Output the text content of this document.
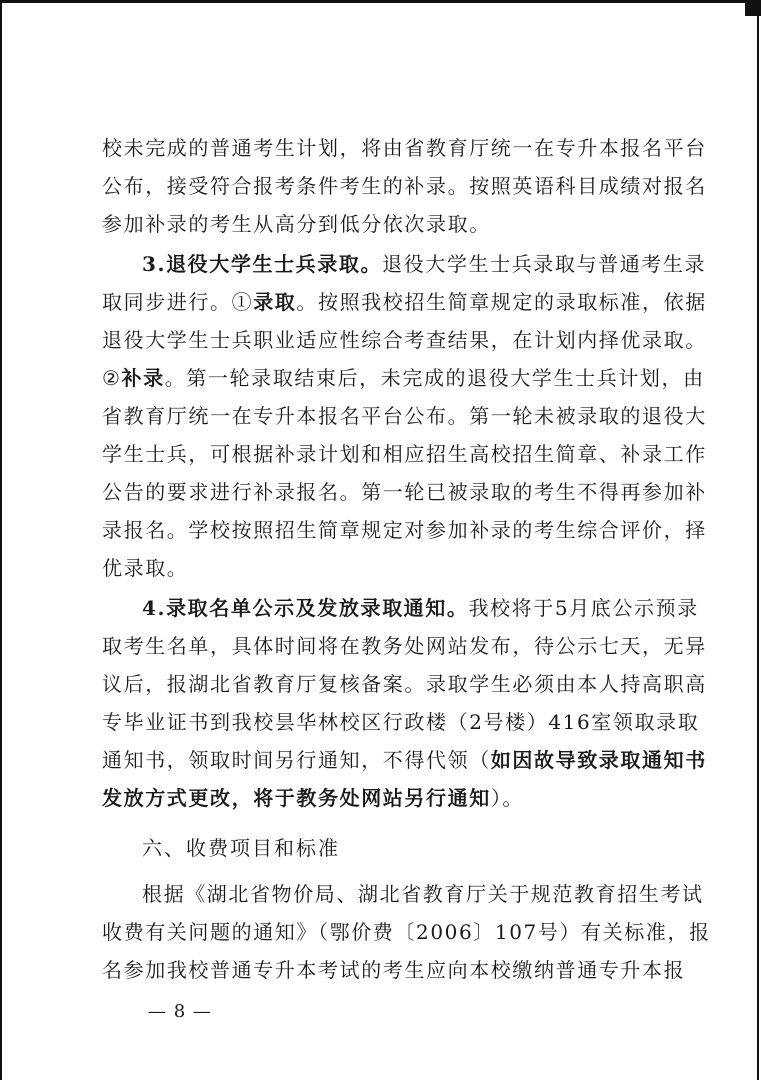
校未完成的普通考生计划，将由省教育厅统一在专升本报名平台
公布，接受符合报考条件考生的补录。按照英语科目成绩对报名
参加补录的考生从高分到低分依次录取。
3.退役大学生士兵录取。退役大学生士兵录取与普通考生录
取同步进行。①录取。按照我校招生简章规定的录取标准，依据
退役大学生士兵职业适应性综合考查结果，在计划内择优录取。
②补录。第一轮录取结束后，未完成的退役大学生士兵计划，由
省教育厅统一在专升本报名平台公布。第一轮未被录取的退役大
学生士兵，可根据补录计划和相应招生高校招生简章、补录工作
公告的要求进行补录报名。第一轮已被录取的考生不得再参加补
录报名。学校按照招生简章规定对参加补录的考生综合评价，择
优录取。
4.录取名单公示及发放录取通知。我校将于5月底公示预录
取考生名单，具体时间将在教务处网站发布，待公示七天，无异
议后，报湖北省教育厅复核备案。录取学生必须由本人持高职高
专毕业证书到我校昙华林校区行政楼（2号楼）416室领取录取
通知书，领取时间另行通知，不得代领（如因故导致录取通知书
发放方式更改，将于教务处网站另行通知）。
六、收费项目和标准
根据《湖北省物价局、湖北省教育厅关于规范教育招生考试
收费有关问题的通知》（鄂价费〔2006〕107号）有关标准，报
名参加我校普通专升本考试的考生应向本校缴纳普通专升本报
— 8 —
